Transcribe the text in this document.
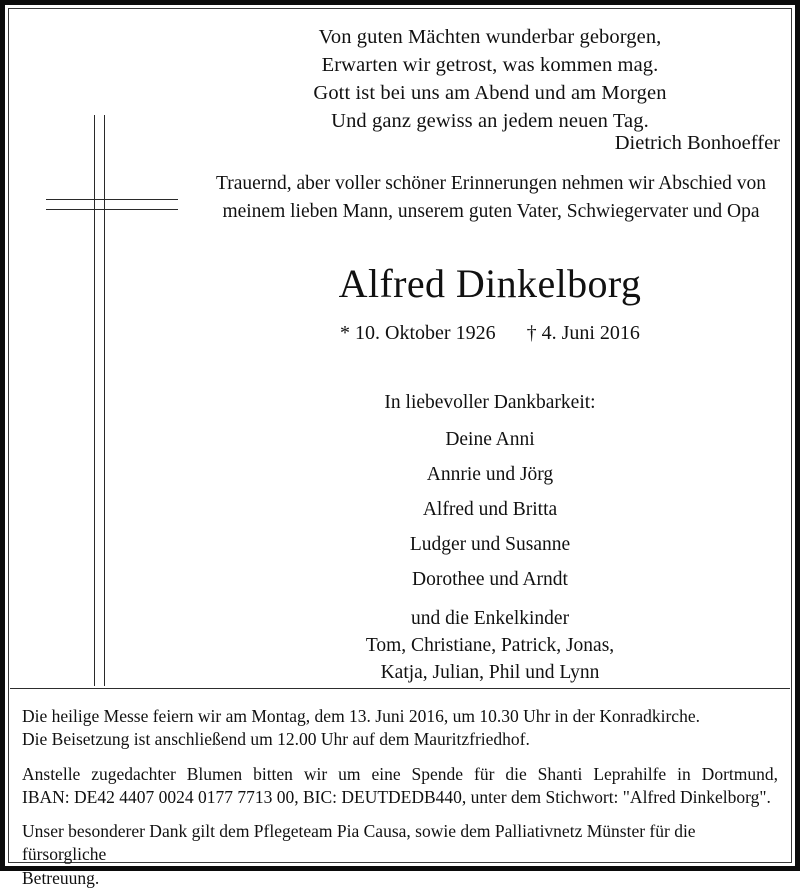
Von guten Mächten wunderbar geborgen,
Erwarten wir getrost, was kommen mag.
Gott ist bei uns am Abend und am Morgen
Und ganz gewiss an jedem neuen Tag.
Dietrich Bonhoeffer
Trauernd, aber voller schöner Erinnerungen nehmen wir Abschied von
meinem lieben Mann, unserem guten Vater, Schwiegervater und Opa
Alfred Dinkelborg
* 10. Oktober 1926 † 4. Juni 2016
In liebevoller Dankbarkeit:
Deine Anni
Annrie und Jörg
Alfred und Britta
Ludger und Susanne
Dorothee und Arndt
und die Enkelkinder
Tom, Christiane, Patrick, Jonas,
Katja, Julian, Phil und Lynn

Die heilige Messe feiern wir am Montag, dem 13. Juni 2016, um 10.30 Uhr in der Konradkirche.

Die Beisetzung ist anschließend um 12.00 Uhr auf dem Mauritzfriedhof.

Anstelle zugedachter Blumen bitten wir um eine Spende für die Shanti Leprahilfe in Dortmund,

IBAN: DE42 4407 0024 0177 7713 00, BIC: DEUTDEDB440, unter dem Stichwort: "Alfred Dinkelborg".

Unser besonderer Dank gilt dem Pflegeteam Pia Causa, sowie dem Palliativnetz Münster für die fürsorgliche

Betreuung.
